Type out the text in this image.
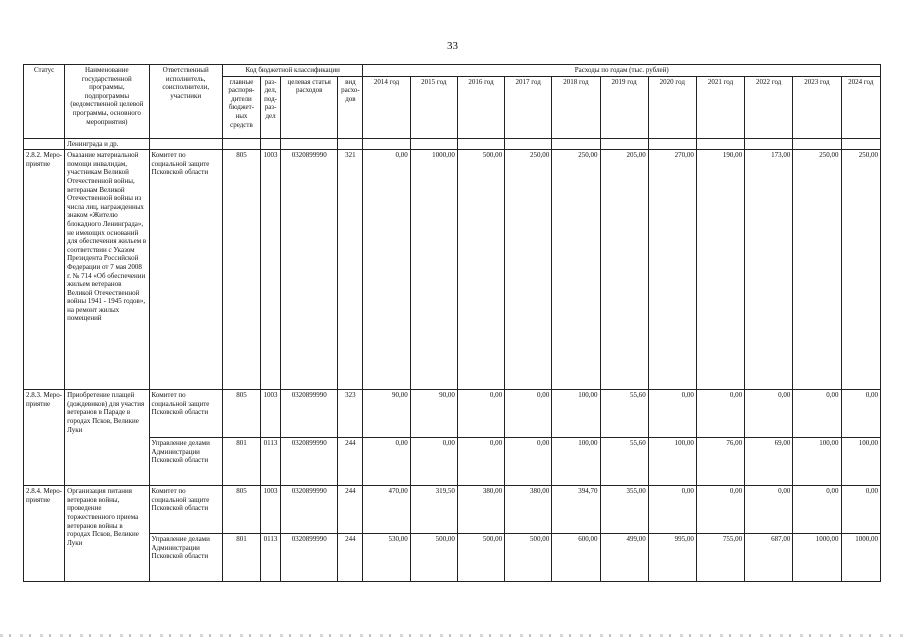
33
Статус	Наименование государственной программы, подпрограммы (ведомственной целевой программы, основного мероприятия)	Ответственный исполнитель, соисполнители, участники	Код бюджетной классификации				Расходы по годам (тыс. рублей)										
			главные распоря-дители бюджет-ных средств	раз-дел, под-раз-дел	целевая статья расходов	вид расхо-дов	2014 год	2015 год	2016 год	2017 год	2018 год	2019 год	2020 год	2021 год	2022 год	2023 год	2024 год
	Ленинграда и др.																
2.8.2. Меро-приятие	Оказание материальной помощи инвалидам, участникам Великой Отечественной войны, ветеранам Великой Отечественной войны из числа лиц, награжденных знаком «Жителю блокадного Ленинграда», не имеющих оснований для обеспечения жильем в соответствии с Указом Президента Российской Федерации от 7 мая 2008 г. № 714 «Об обеспечении жильем ветеранов Великой Отечественной войны 1941 - 1945 годов», на ремонт жилых помещений	Комитет по социальной защите Псковской области	805	1003	0320899990	321	0,00	1000,00	500,00	250,00	250,00	205,00	270,00	190,00	173,00	250,00	250,00
2.8.3. Меро-приятие	Приобретение плащей (дождевиков) для участия ветеранов в Параде в городах Псков, Великие Луки	Комитет по социальной защите Псковской области	805	1003	0320899990	323	90,00	90,00	0,00	0,00	100,00	55,60	0,00	0,00	0,00	0,00	0,00
		Управление делами Администрации Псковской области	801	0113	0320899990	244	0,00	0,00	0,00	0,00	100,00	55,60	100,00	76,00	69,00	100,00	100,00
2.8.4. Меро-приятие	Организация питания ветеранов войны, проведение торжественного приема ветеранов войны в городах Псков, Великие Луки	Комитет по социальной защите Псковской области	805	1003	0320899990	244	470,00	319,50	380,00	380,00	394,70	355,00	0,00	0,00	0,00	0,00	0,00
		Управление делами Администрации Псковской области	801	0113	0320899990	244	530,00	500,00	500,00	500,00	600,00	499,00	995,00	755,00	687,00	1000,00	1000,00
